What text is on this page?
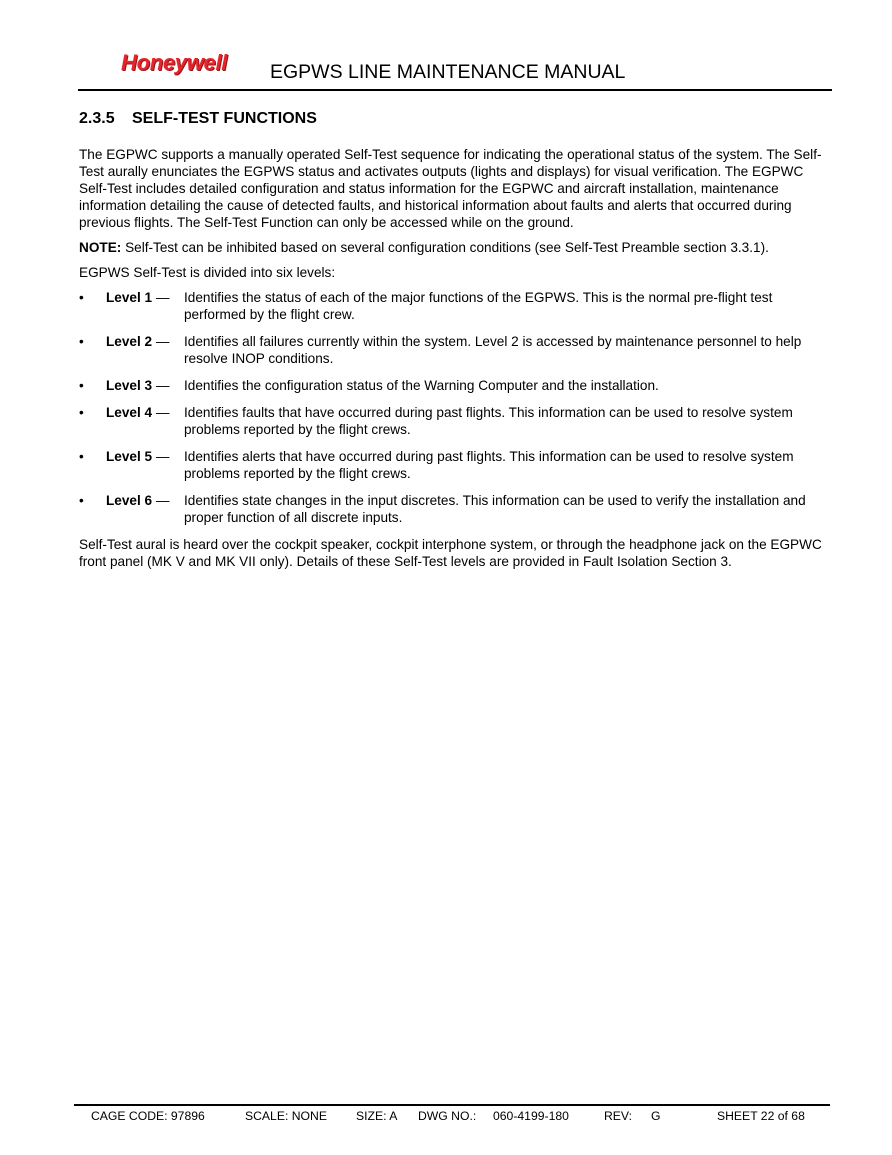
Honeywell EGPWS LINE MAINTENANCE MANUAL
2.3.5 SELF-TEST FUNCTIONS

The EGPWC supports a manually operated Self-Test sequence for indicating the operational status of the system. The Self-Test aurally enunciates the EGPWS status and activates outputs (lights and displays) for visual verification. The EGPWC Self-Test includes detailed configuration and status information for the EGPWC and aircraft installation, maintenance information detailing the cause of detected faults, and historical information about faults and alerts that occurred during previous flights. The Self-Test Function can only be accessed while on the ground.

NOTE: Self-Test can be inhibited based on several configuration conditions (see Self-Test Preamble section 3.3.1).

EGPWS Self-Test is divided into six levels:

• Level 1 — Identifies the status of each of the major functions of the EGPWS. This is the normal pre-flight test performed by the flight crew.
• Level 2 — Identifies all failures currently within the system. Level 2 is accessed by maintenance personnel to help resolve INOP conditions.
• Level 3 — Identifies the configuration status of the Warning Computer and the installation.
• Level 4 — Identifies faults that have occurred during past flights. This information can be used to resolve system problems reported by the flight crews.
• Level 5 — Identifies alerts that have occurred during past flights. This information can be used to resolve system problems reported by the flight crews.
• Level 6 — Identifies state changes in the input discretes. This information can be used to verify the installation and proper function of all discrete inputs.

Self-Test aural is heard over the cockpit speaker, cockpit interphone system, or through the headphone jack on the EGPWC front panel (MK V and MK VII only). Details of these Self-Test levels are provided in Fault Isolation Section 3.

CAGE CODE: 97896	SCALE: NONE SIZE: A DWG NO.: 060-4199-180	REV: G	SHEET 22 of 68
